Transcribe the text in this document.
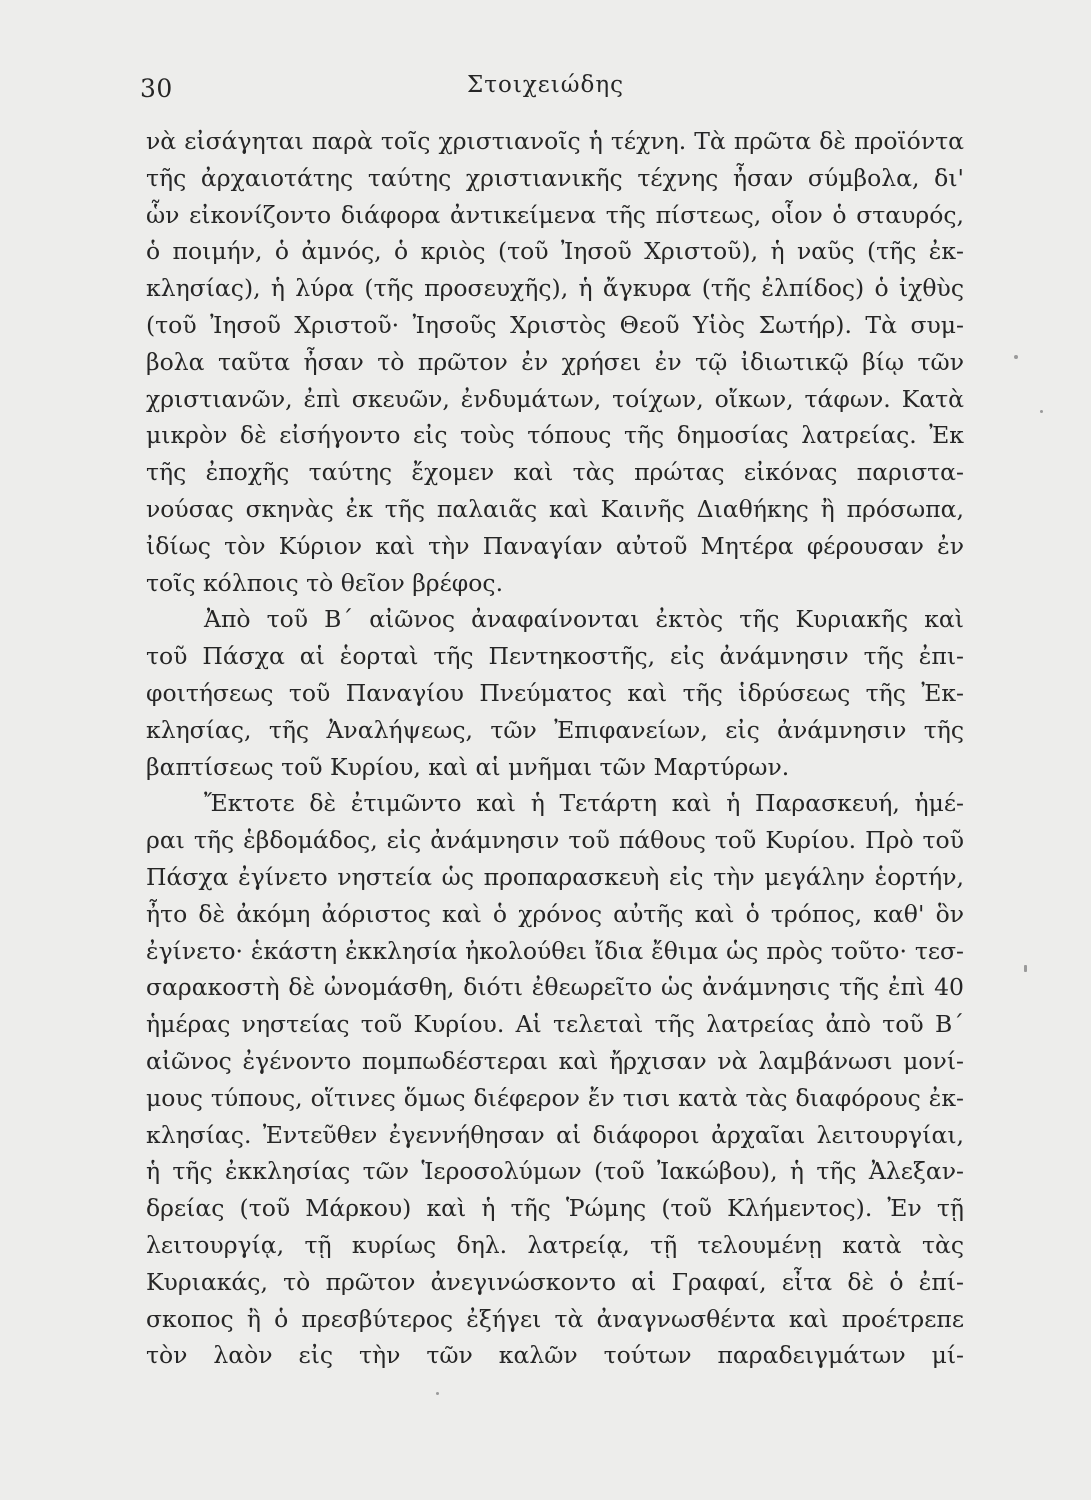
30	Στοιχειώδης
νὰ εἰσάγηται παρὰ τοῖς χριστιανοῖς ἡ τέχνη. Τὰ πρῶτα δὲ προϊόντα
τῆς ἀρχαιοτάτης ταύτης χριστιανικῆς τέχνης ἦσαν σύμβολα, δι'
ὧν εἰκονίζοντο διάφορα ἀντικείμενα τῆς πίστεως, οἷον ὁ σταυρός,
ὁ ποιμήν, ὁ ἀμνός, ὁ κριὸς (τοῦ Ἰησοῦ Χριστοῦ), ἡ ναῦς (τῆς ἐκ-
κλησίας), ἡ λύρα (τῆς προσευχῆς), ἡ ἄγκυρα (τῆς ἐλπίδος) ὁ ἰχθὺς
(τοῦ Ἰησοῦ Χριστοῦ· Ἰησοῦς Χριστὸς Θεοῦ Υἱὸς Σωτήρ). Τὰ συμ-
βολα ταῦτα ἦσαν τὸ πρῶτον ἐν χρήσει ἐν τῷ ἰδιωτικῷ βίῳ τῶν
χριστιανῶν, ἐπὶ σκευῶν, ἐνδυμάτων, τοίχων, οἴκων, τάφων. Κατὰ
μικρὸν δὲ εἰσήγοντο εἰς τοὺς τόπους τῆς δημοσίας λατρείας. Ἐκ
τῆς ἐποχῆς ταύτης ἔχομεν καὶ τὰς πρώτας εἰκόνας παριστα-
νούσας σκηνὰς ἐκ τῆς παλαιᾶς καὶ Καινῆς Διαθήκης ἢ πρόσωπα,
ἰδίως τὸν Κύριον καὶ τὴν Παναγίαν αὐτοῦ Μητέρα φέρουσαν ἐν
τοῖς κόλποις τὸ θεῖον βρέφος.
Ἀπὸ τοῦ Β΄ αἰῶνος ἀναφαίνονται ἐκτὸς τῆς Κυριακῆς καὶ
τοῦ Πάσχα αἱ ἑορταὶ τῆς Πεντηκοστῆς, εἰς ἀνάμνησιν τῆς ἐπι-
φοιτήσεως τοῦ Παναγίου Πνεύματος καὶ τῆς ἱδρύσεως τῆς Ἐκ-
κλησίας, τῆς Ἀναλήψεως, τῶν Ἐπιφανείων, εἰς ἀνάμνησιν τῆς
βαπτίσεως τοῦ Κυρίου, καὶ αἱ μνῆμαι τῶν Μαρτύρων.
Ἔκτοτε δὲ ἐτιμῶντο καὶ ἡ Τετάρτη καὶ ἡ Παρασκευή, ἡμέ-
ραι τῆς ἑβδομάδος, εἰς ἀνάμνησιν τοῦ πάθους τοῦ Κυρίου. Πρὸ τοῦ
Πάσχα ἐγίνετο νηστεία ὡς προπαρασκευὴ εἰς τὴν μεγάλην ἑορτήν,
ἦτο δὲ ἀκόμη ἀόριστος καὶ ὁ χρόνος αὐτῆς καὶ ὁ τρόπος, καθ' ὃν
ἐγίνετο· ἑκάστη ἐκκλησία ἠκολούθει ἴδια ἔθιμα ὡς πρὸς τοῦτο· τεσ-
σαρακοστὴ δὲ ὠνομάσθη, διότι ἐθεωρεῖτο ὡς ἀνάμνησις τῆς ἐπὶ 40
ἡμέρας νηστείας τοῦ Κυρίου. Αἱ τελεταὶ τῆς λατρείας ἀπὸ τοῦ Β΄
αἰῶνος ἐγένοντο πομπωδέστεραι καὶ ἤρχισαν νὰ λαμβάνωσι μονί-
μους τύπους, οἵτινες ὅμως διέφερον ἔν τισι κατὰ τὰς διαφόρους ἐκ-
κλησίας. Ἐντεῦθεν ἐγεννήθησαν αἱ διάφοροι ἀρχαῖαι λειτουργίαι,
ἡ τῆς ἐκκλησίας τῶν Ἱεροσολύμων (τοῦ Ἰακώβου), ἡ τῆς Ἀλεξαν-
δρείας (τοῦ Μάρκου) καὶ ἡ τῆς Ῥώμης (τοῦ Κλήμεντος). Ἐν τῇ
λειτουργίᾳ, τῇ κυρίως δηλ. λατρείᾳ, τῇ τελουμένῃ κατὰ τὰς
Κυριακάς, τὸ πρῶτον ἀνεγινώσκοντο αἱ Γραφαί, εἶτα δὲ ὁ ἐπί-
σκοπος ἢ ὁ πρεσβύτερος ἐξήγει τὰ ἀναγνωσθέντα καὶ προέτρεπε
τὸν λαὸν εἰς τὴν τῶν καλῶν τούτων παραδειγμάτων μί-
